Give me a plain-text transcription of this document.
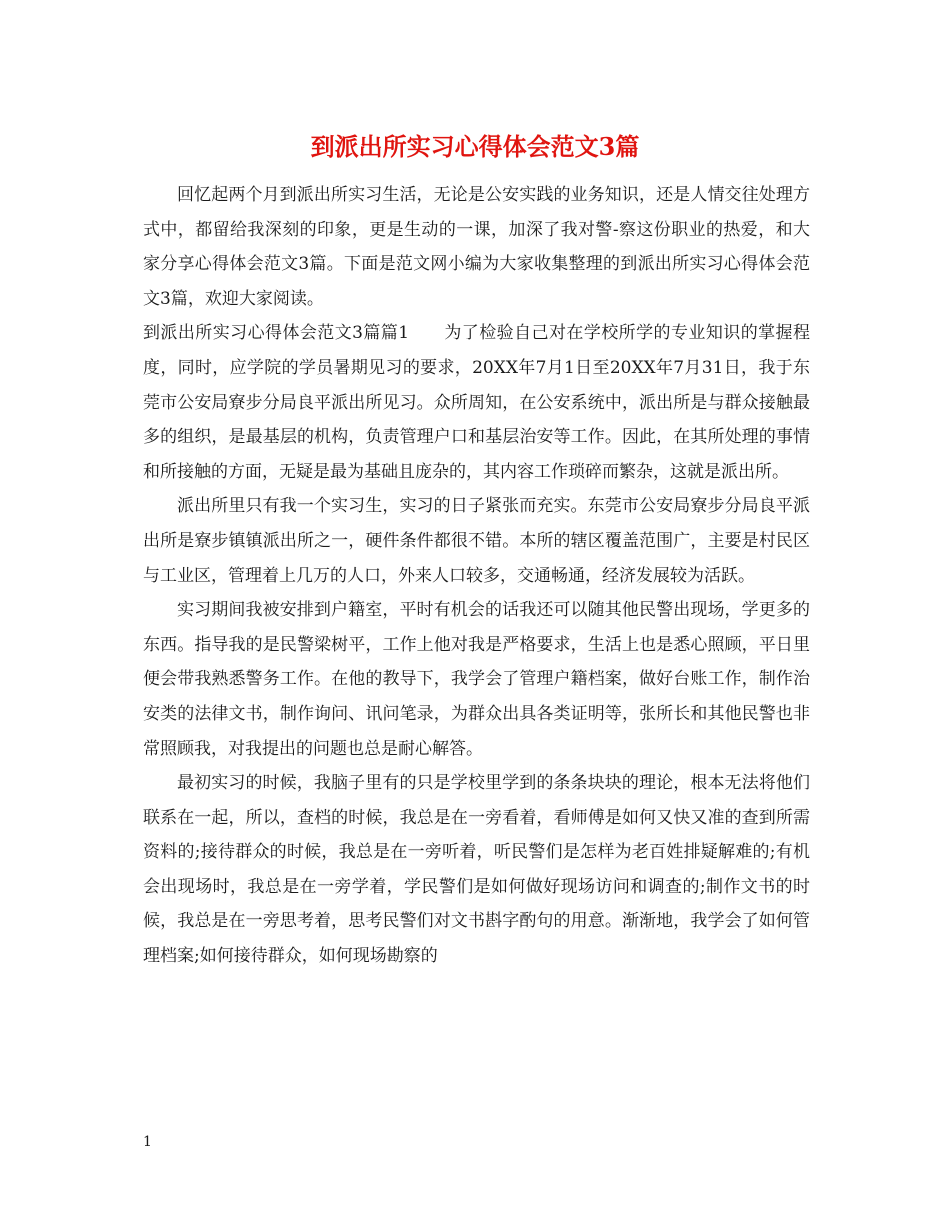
到派出所实习心得体会范文3篇

回忆起两个月到派出所实习生活，无论是公安实践的业务知识，还是人情交往处理方式中，都留给我深刻的印象，更是生动的一课，加深了我对警-察这份职业的热爱，和大家分享心得体会范文3篇。下面是范文网小编为大家收集整理的到派出所实习心得体会范文3篇，欢迎大家阅读。

到派出所实习心得体会范文3篇篇1　　为了检验自己对在学校所学的专业知识的掌握程度，同时，应学院的学员暑期见习的要求，20XX年7月1日至20XX年7月31日，我于东莞市公安局寮步分局良平派出所见习。众所周知，在公安系统中，派出所是与群众接触最多的组织，是最基层的机构，负责管理户口和基层治安等工作。因此，在其所处理的事情和所接触的方面，无疑是最为基础且庞杂的，其内容工作琐碎而繁杂，这就是派出所。

派出所里只有我一个实习生，实习的日子紧张而充实。东莞市公安局寮步分局良平派出所是寮步镇镇派出所之一，硬件条件都很不错。本所的辖区覆盖范围广，主要是村民区与工业区，管理着上几万的人口，外来人口较多，交通畅通，经济发展较为活跃。

实习期间我被安排到户籍室，平时有机会的话我还可以随其他民警出现场，学更多的东西。指导我的是民警梁树平，工作上他对我是严格要求，生活上也是悉心照顾，平日里便会带我熟悉警务工作。在他的教导下，我学会了管理户籍档案，做好台账工作，制作治安类的法律文书，制作询问、讯问笔录，为群众出具各类证明等，张所长和其他民警也非常照顾我，对我提出的问题也总是耐心解答。

最初实习的时候，我脑子里有的只是学校里学到的条条块块的理论，根本无法将他们联系在一起，所以，查档的时候，我总是在一旁看着，看师傅是如何又快又准的查到所需资料的;接待群众的时候，我总是在一旁听着，听民警们是怎样为老百姓排疑解难的;有机会出现场时，我总是在一旁学着，学民警们是如何做好现场访问和调查的;制作文书的时候，我总是在一旁思考着，思考民警们对文书斟字酌句的用意。渐渐地，我学会了如何管理档案;如何接待群众，如何现场勘察的

1
